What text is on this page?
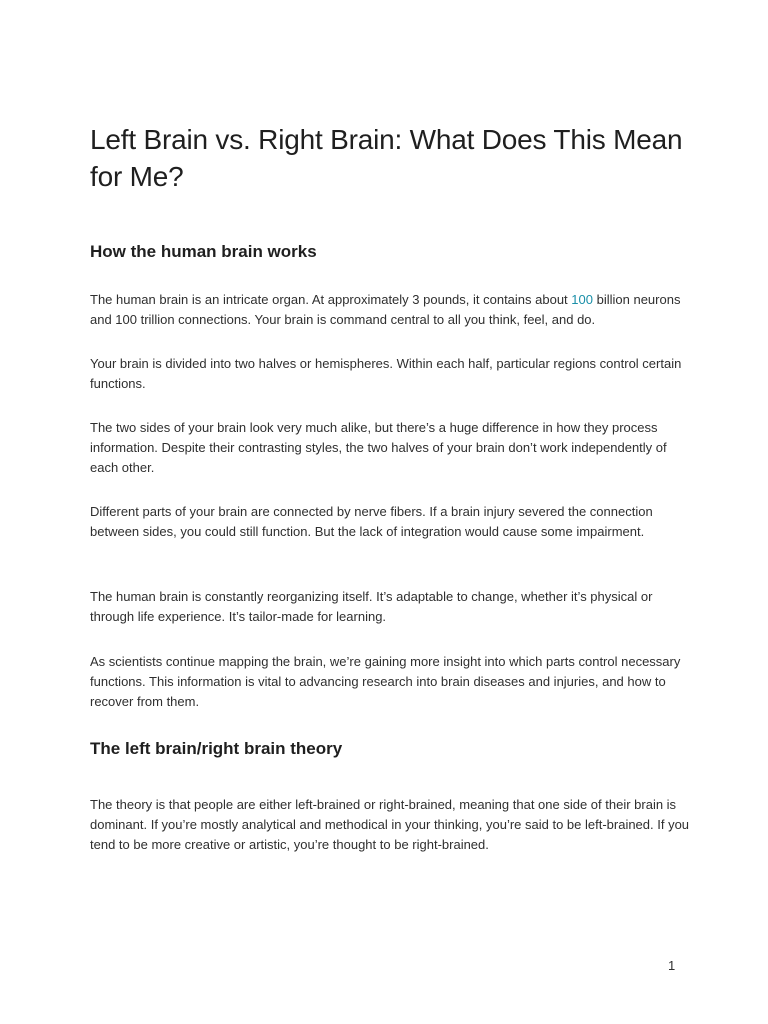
Left Brain vs. Right Brain: What Does This Mean for Me?
How the human brain works

The human brain is an intricate organ. At approximately 3 pounds, it contains about 100 billion neurons and 100 trillion connections. Your brain is command central to all you think, feel, and do.

Your brain is divided into two halves or hemispheres. Within each half, particular regions control certain functions.

The two sides of your brain look very much alike, but there’s a huge difference in how they process information. Despite their contrasting styles, the two halves of your brain don’t work independently of each other.

Different parts of your brain are connected by nerve fibers. If a brain injury severed the connection between sides, you could still function. But the lack of integration would cause some impairment.

The human brain is constantly reorganizing itself. It’s adaptable to change, whether it’s physical or through life experience. It’s tailor-made for learning.

As scientists continue mapping the brain, we’re gaining more insight into which parts control necessary functions. This information is vital to advancing research into brain diseases and injuries, and how to recover from them.

The left brain/right brain theory

The theory is that people are either left-brained or right-brained, meaning that one side of their brain is dominant. If you’re mostly analytical and methodical in your thinking, you’re said to be left-brained. If you tend to be more creative or artistic, you’re thought to be right-brained.

1
